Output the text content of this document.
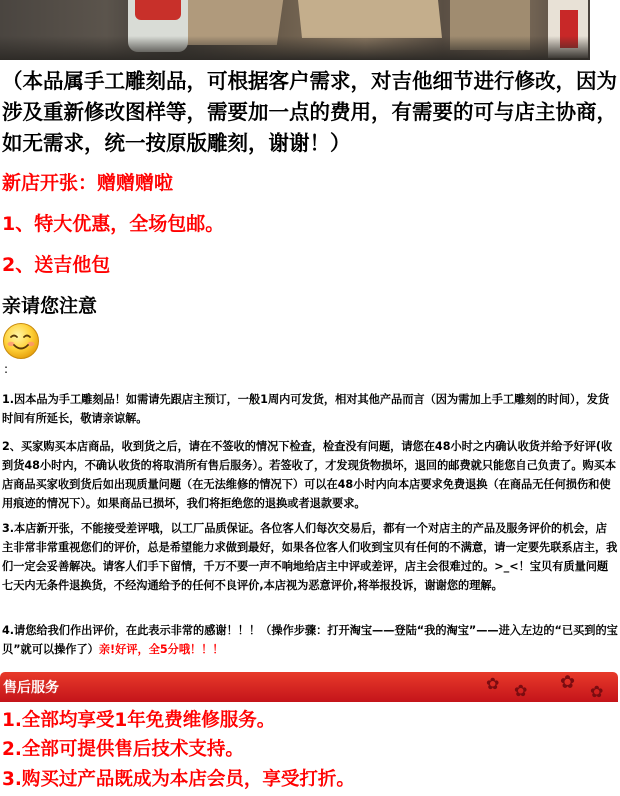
（本品属手工雕刻品，可根据客户需求，对吉他细节进行修改，因为涉及重新修改图样等，需要加一点的费用，有需要的可与店主协商，如无需求，统一按原版雕刻，谢谢！）

新店开张：赠赠赠啦

1、特大优惠，全场包邮。

2、送吉他包

亲请您注意

:

1.因本品为手工雕刻品！如需请先跟店主预订，一般1周内可发货，相对其他产品而言（因为需加上手工雕刻的时间），发货时间有所延长，敬请亲谅解。

2、买家购买本店商品，收到货之后，请在不签收的情况下检查，检查没有问题，请您在48小时之内确认收货并给予好评(收到货48小时内，不确认收货的将取消所有售后服务）。若签收了，才发现货物损坏，退回的邮费就只能您自己负责了。购买本店商品买家收到货后如出现质量问题（在无法维修的情况下）可以在48小时内向本店要求免费退换（在商品无任何损伤和使用痕迹的情况下）。如果商品已损坏，我们将拒绝您的退换或者退款要求。

3.本店新开张，不能接受差评哦，以工厂品质保证。各位客人们每次交易后，都有一个对店主的产品及服务评价的机会，店主非常非常重视您们的评价，总是希望能力求做到最好，如果各位客人们收到宝贝有任何的不满意，请一定要先联系店主，我们一定会妥善解决。请客人们手下留情，千万不要一声不响地给店主中评或差评，店主会很难过的。>_<！宝贝有质量问题七天内无条件退换货，不经沟通给予的任何不良评价,本店视为恶意评价,将举报投诉，谢谢您的理解。

4.请您给我们作出评价，在此表示非常的感谢！！！（操作步骤：打开淘宝——登陆“我的淘宝”——进入左边的“已买到的宝贝”就可以操作了）亲!好评，全5分哦！！！

售后服务	✿ ✿ ✿ ✿

1.全部均享受1年免费维修服务。

2.全部可提供售后技术支持。

3.购买过产品既成为本店会员，享受打折。
